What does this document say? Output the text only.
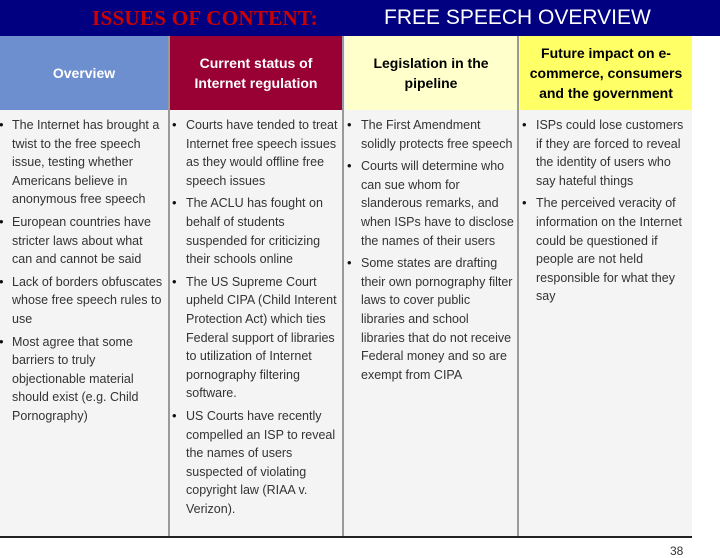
ISSUES OF CONTENT:	FREE SPEECH OVERVIEW
Overview
• The Internet has brought a twist to the free speech issue, testing whether Americans believe in anonymous free speech
• European countries have stricter laws about what can and cannot be said
• Lack of borders obfuscates whose free speech rules to use
• Most agree that some barriers to truly objectionable material should exist (e.g. Child Pornography)
Current status of Internet regulation
• Courts have tended to treat Internet free speech issues as they would offline free speech issues
• The ACLU has fought on behalf of students suspended for criticizing their schools online
• The US Supreme Court upheld CIPA (Child Interent Protection Act) which ties Federal support of libraries to utilization of Internet pornography filtering software.
• US Courts have recently compelled an ISP to reveal the names of users suspected of violating copyright law (RIAA v. Verizon).
Legislation in the pipeline
• The First Amendment solidly protects free speech
• Courts will determine who can sue whom for slanderous remarks, and when ISPs have to disclose the names of their users
• Some states are drafting their own pornography filter laws to cover public libraries and school libraries that do not receive Federal money and so are exempt from CIPA
Future impact on e-commerce, consumers and the government
• ISPs could lose customers if they are forced to reveal the identity of users who say hateful things
• The perceived veracity of information on the Internet could be questioned if people are not held responsible for what they say
38
